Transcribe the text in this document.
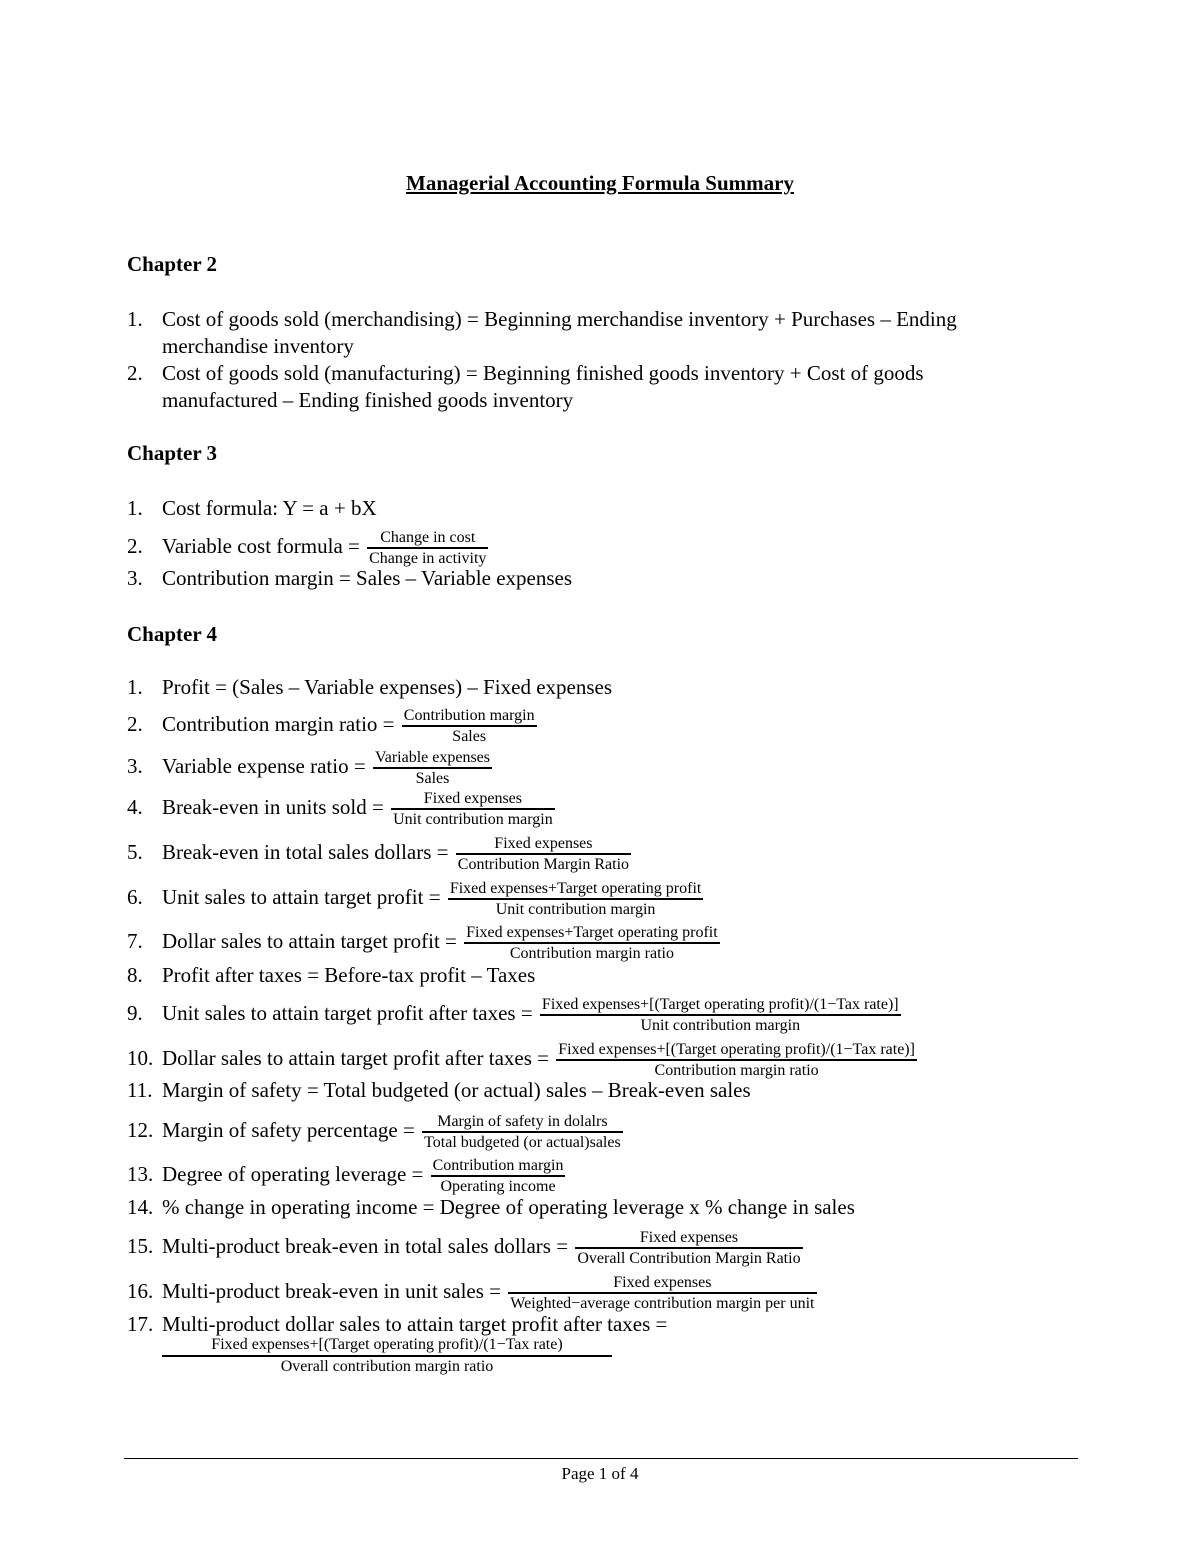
Managerial Accounting Formula Summary
Chapter 2
1. Cost of goods sold (merchandising) = Beginning merchandise inventory + Purchases – Ending
merchandise inventory
2. Cost of goods sold (manufacturing) = Beginning finished goods inventory + Cost of goods
manufactured – Ending finished goods inventory
Chapter 3
1. Cost formula: Y = a + bX
2. Variable cost formula = $\frac{\text{Change in cost}}{\text{Change in activity}}$
3. Contribution margin = Sales – Variable expenses
Chapter 4
1. Profit = (Sales – Variable expenses) – Fixed expenses
2. Contribution margin ratio = $\frac{\text{Contribution margin}}{\text{Sales}}$
3. Variable expense ratio = $\frac{\text{Variable expenses}}{\text{Sales}}$
4. Break-even in units sold = $\frac{\text{Fixed expenses}}{\text{Unit contribution margin}}$
5. Break-even in total sales dollars = $\frac{\text{Fixed expenses}}{\text{Contribution Margin Ratio}}$
6. Unit sales to attain target profit = $\frac{\text{Fixed expenses+Target operating profit}}{\text{Unit contribution margin}}$
7. Dollar sales to attain target profit = $\frac{\text{Fixed expenses+Target operating profit}}{\text{Contribution margin ratio}}$
8. Profit after taxes = Before-tax profit – Taxes
9. Unit sales to attain target profit after taxes = $\frac{\text{Fixed expenses+[(Target operating profit)/(1−Tax rate)]}}{\text{Unit contribution margin}}$
10. Dollar sales to attain target profit after taxes = $\frac{\text{Fixed expenses+[(Target operating profit)/(1−Tax rate)]}}{\text{Contribution margin ratio}}$
11. Margin of safety = Total budgeted (or actual) sales – Break-even sales
12. Margin of safety percentage = $\frac{\text{Margin of safety in dolalrs}}{\text{Total budgeted (or actual)sales}}$
13. Degree of operating leverage = $\frac{\text{Contribution margin}}{\text{Operating income}}$
14. % change in operating income = Degree of operating leverage x % change in sales
15. Multi-product break-even in total sales dollars = $\frac{\text{Fixed expenses}}{\text{Overall Contribution Margin Ratio}}$
16. Multi-product break-even in unit sales = $\frac{\text{Fixed expenses}}{\text{Weighted−average contribution margin per unit}}$
17. Multi-product dollar sales to attain target profit after taxes =
Fixed expenses+[(Target operating profit)/(1−Tax rate)
Overall contribution margin ratio
Page 1 of 4
